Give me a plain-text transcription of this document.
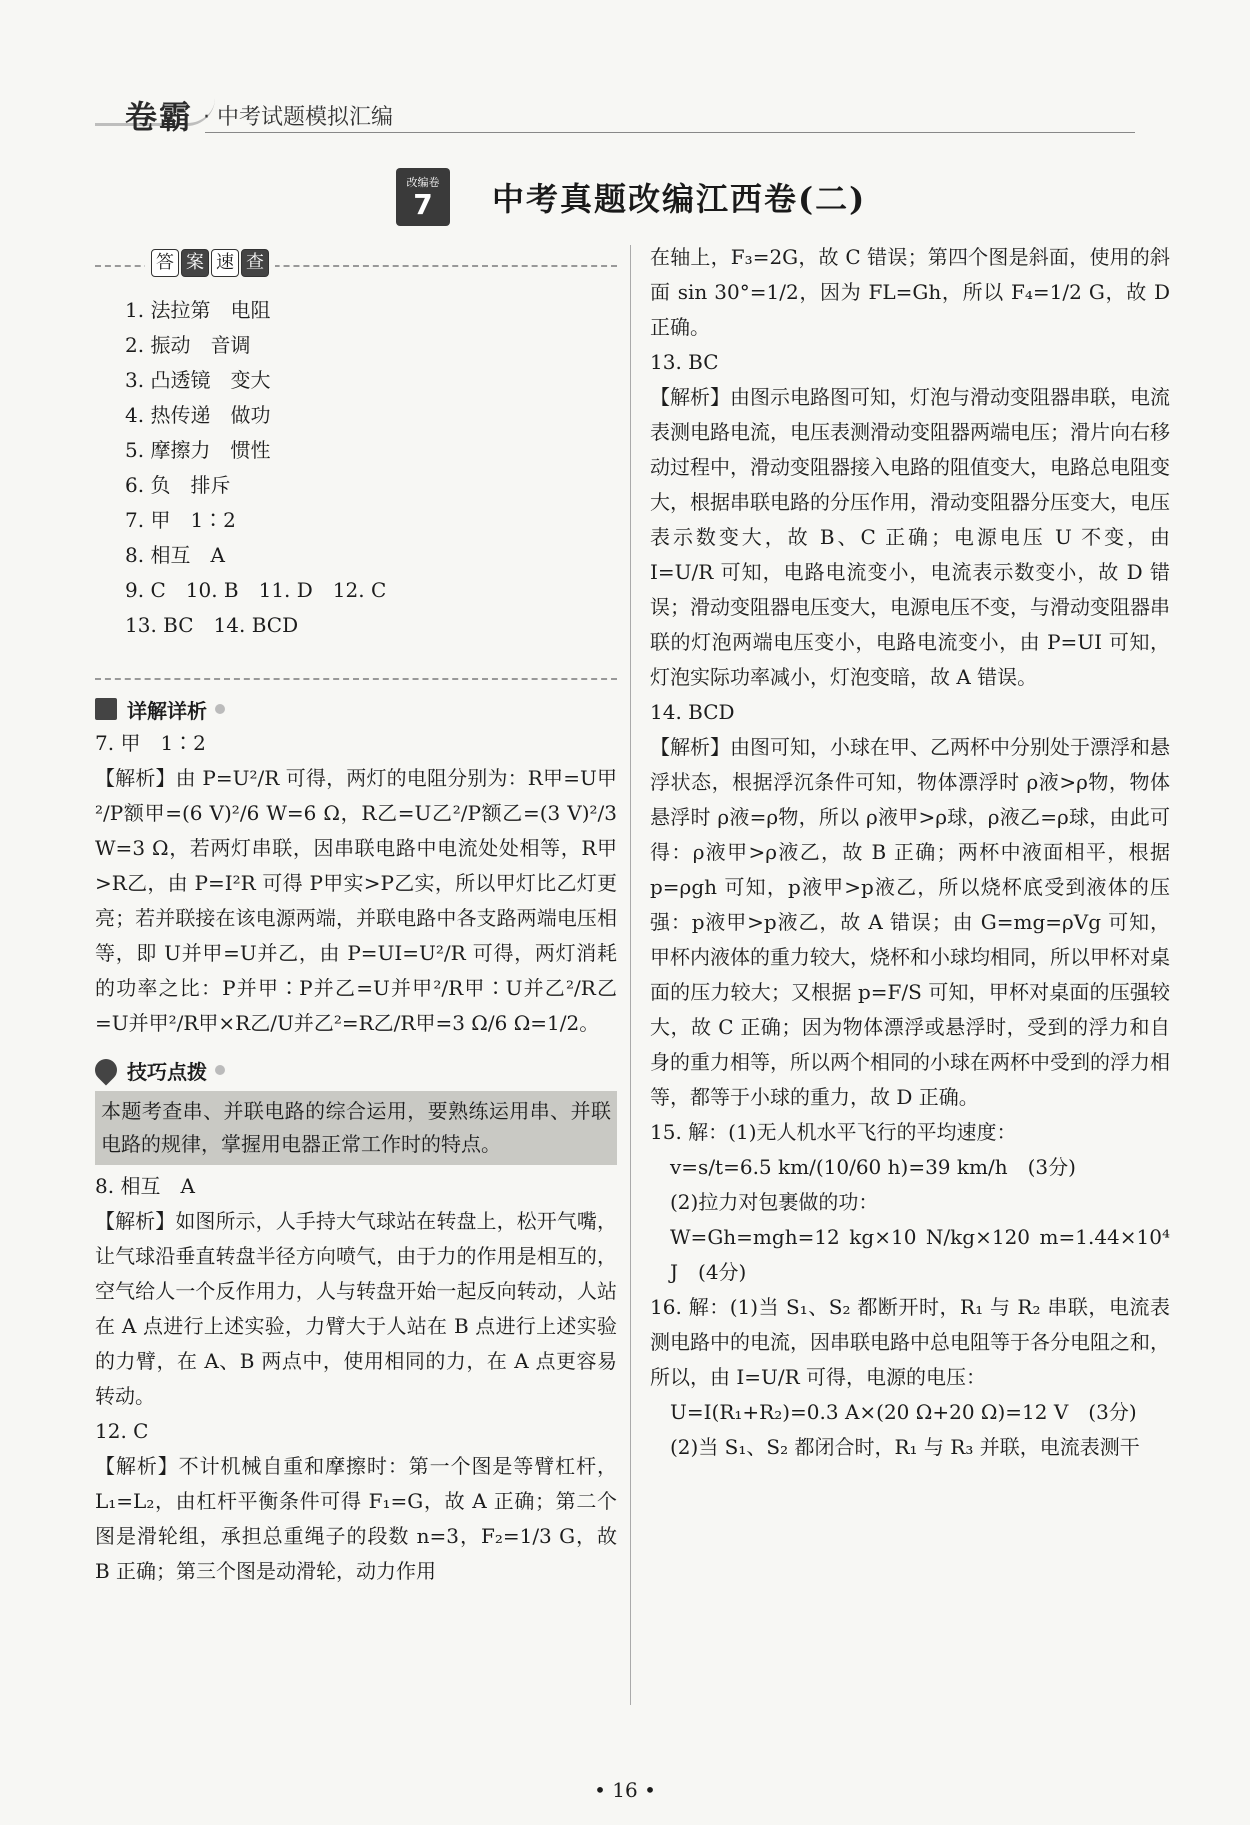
卷霸 · 中考试题模拟汇编
改编卷
7	中考真题改编江西卷(二)
答 案 速 查
1. 法拉第　电阻
2. 振动　音调
3. 凸透镜　变大
4. 热传递　做功
5. 摩擦力　惯性
6. 负　排斥
7. 甲　1∶2
8. 相互　A
9. C　10. B　11. D　12. C
13. BC　14. BCD
详解详析
7. 甲　1∶2
【解析】由 P=U²/R 可得，两灯的电阻分别为：R甲=U甲²/P额甲=(6 V)²/6 W=6 Ω，R乙=U乙²/P额乙=(3 V)²/3 W=3 Ω，若两灯串联，因串联电路中电流处处相等，R甲>R乙，由 P=I²R 可得 P甲实>P乙实，所以甲灯比乙灯更亮；若并联接在该电源两端，并联电路中各支路两端电压相等，即 U并甲=U并乙，由 P=UI=U²/R 可得，两灯消耗的功率之比：P并甲∶P并乙=U并甲²/R甲∶U并乙²/R乙=U并甲²/R甲×R乙/U并乙²=R乙/R甲=3 Ω/6 Ω=1/2。
技巧点拨
本题考查串、并联电路的综合运用，要熟练运用串、并联电路的规律，掌握用电器正常工作时的特点。
8. 相互　A
【解析】如图所示，人手持大气球站在转盘上，松开气嘴，让气球沿垂直转盘半径方向喷气，由于力的作用是相互的，空气给人一个反作用力，人与转盘开始一起反向转动，人站在 A 点进行上述实验，力臂大于人站在 B 点进行上述实验的力臂，在 A、B 两点中，使用相同的力，在 A 点更容易转动。
12. C
【解析】不计机械自重和摩擦时：第一个图是等臂杠杆，L₁=L₂，由杠杆平衡条件可得 F₁=G，故 A 正确；第二个图是滑轮组，承担总重绳子的段数 n=3，F₂=1/3 G，故 B 正确；第三个图是动滑轮，动力作用
在轴上，F₃=2G，故 C 错误；第四个图是斜面，使用的斜面 sin 30°=1/2，因为 FL=Gh，所以 F₄=1/2 G，故 D 正确。
13. BC
【解析】由图示电路图可知，灯泡与滑动变阻器串联，电流表测电路电流，电压表测滑动变阻器两端电压；滑片向右移动过程中，滑动变阻器接入电路的阻值变大，电路总电阻变大，根据串联电路的分压作用，滑动变阻器分压变大，电压表示数变大，故 B、C 正确；电源电压 U 不变，由 I=U/R 可知，电路电流变小，电流表示数变小，故 D 错误；滑动变阻器电压变大，电源电压不变，与滑动变阻器串联的灯泡两端电压变小，电路电流变小，由 P=UI 可知，灯泡实际功率减小，灯泡变暗，故 A 错误。
14. BCD
【解析】由图可知，小球在甲、乙两杯中分别处于漂浮和悬浮状态，根据浮沉条件可知，物体漂浮时 ρ液>ρ物，物体悬浮时 ρ液=ρ物，所以 ρ液甲>ρ球，ρ液乙=ρ球，由此可得：ρ液甲>ρ液乙，故 B 正确；两杯中液面相平，根据 p=ρgh 可知，p液甲>p液乙，所以烧杯底受到液体的压强：p液甲>p液乙，故 A 错误；由 G=mg=ρVg 可知，甲杯内液体的重力较大，烧杯和小球均相同，所以甲杯对桌面的压力较大；又根据 p=F/S 可知，甲杯对桌面的压强较大，故 C 正确；因为物体漂浮或悬浮时，受到的浮力和自身的重力相等，所以两个相同的小球在两杯中受到的浮力相等，都等于小球的重力，故 D 正确。
15. 解：(1)无人机水平飞行的平均速度：
v=s/t=6.5 km/(10/60 h)=39 km/h　(3分)
(2)拉力对包裹做的功：
W=Gh=mgh=12 kg×10 N/kg×120 m=1.44×10⁴ J　(4分)
16. 解：(1)当 S₁、S₂ 都断开时，R₁ 与 R₂ 串联，电流表测电路中的电流，因串联电路中总电阻等于各分电阻之和，所以，由 I=U/R 可得，电源的电压：
U=I(R₁+R₂)=0.3 A×(20 Ω+20 Ω)=12 V　(3分)
(2)当 S₁、S₂ 都闭合时，R₁ 与 R₃ 并联，电流表测干
• 16 •
